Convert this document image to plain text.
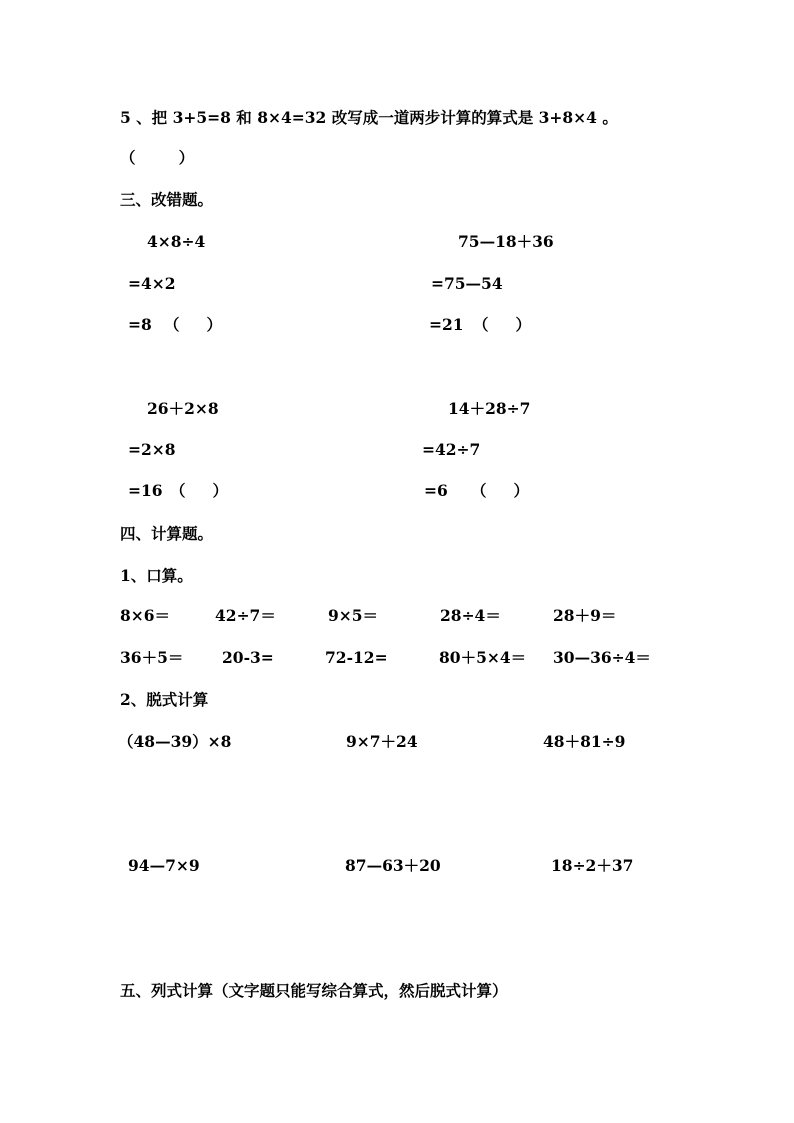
5 、把 3+5=8 和 8×4=32 改写成一道两步计算的算式是 3+8×4 。
（        ）
三、改错题。
4×8÷4
=4×2
=8 （     ）
75—18＋36
=75—54
=21 （     ）
26＋2×8
=2×8
=16 （     ）
14＋28÷7
=42÷7
=6 （     ）
四、计算题。
1、口算。
8×6＝	42÷7＝	9×5＝	28÷4＝	28＋9＝
36＋5＝ 20-3=	72-12=	80＋5×4＝ 30—36÷4＝
2、脱式计算
（48—39）×8	9×7＋24	48＋81÷9
94—7×9	87—63＋20	18÷2＋37
五、列式计算（文字题只能写综合算式，然后脱式计算）
